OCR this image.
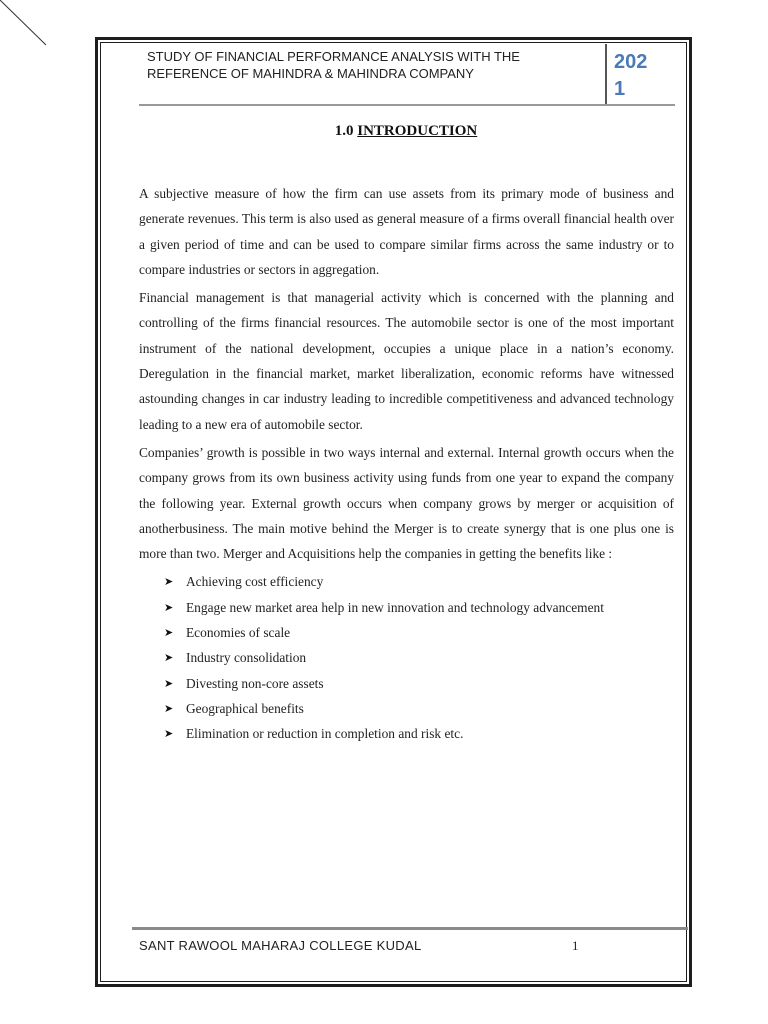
STUDY OF FINANCIAL PERFORMANCE ANALYSIS WITH THE
REFERENCE OF MAHINDRA & MAHINDRA COMPANY
202
1
1.0 INTRODUCTION

A subjective measure of how the firm can use assets from its primary mode of business and generate revenues. This term is also used as general measure of a firms overall financial health over a given period of time and can be used to compare similar firms across the same industry or to compare industries or sectors in aggregation.

Financial management is that managerial activity which is concerned with the planning and controlling of the firms financial resources. The automobile sector is one of the most important instrument of the national development, occupies a unique place in a nation’s economy. Deregulation in the financial market, market liberalization, economic reforms have witnessed astounding changes in car industry leading to incredible competitiveness and advanced technology leading to a new era of automobile sector.

Companies’ growth is possible in two ways internal and external. Internal growth occurs when the company grows from its own business activity using funds from one year to expand the company the following year. External growth occurs when company grows by merger or acquisition of anotherbusiness. The main motive behind the Merger is to create synergy that is one plus one is more than two. Merger and Acquisitions help the companies in getting the benefits like :

➤ Achieving cost efficiency
➤ Engage new market area help in new innovation and technology advancement
➤ Economies of scale
➤ Industry consolidation
➤ Divesting non-core assets
➤ Geographical benefits
➤ Elimination or reduction in completion and risk etc.
SANT RAWOOL MAHARAJ COLLEGE KUDAL	1
